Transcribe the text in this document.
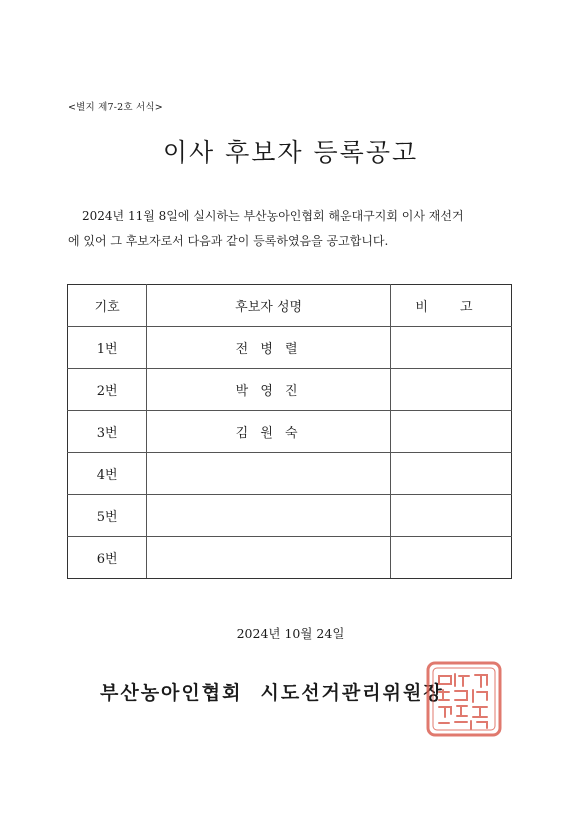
<별지 제7-2호 서식>
이사 후보자 등록공고
2024년 11월 8일에 실시하는 부산농아인협회 해운대구지회 이사 재선거
에 있어 그 후보자로서 다음과 같이 등록하였음을 공고합니다.
기호	후보자 성명	비 고
1번	전 병 렬	
2번	박 영 진	
3번	김 원 숙	
4번		
5번		
6번		
2024년 10월 24일
부산농아인협회 시도선거관리위원장
